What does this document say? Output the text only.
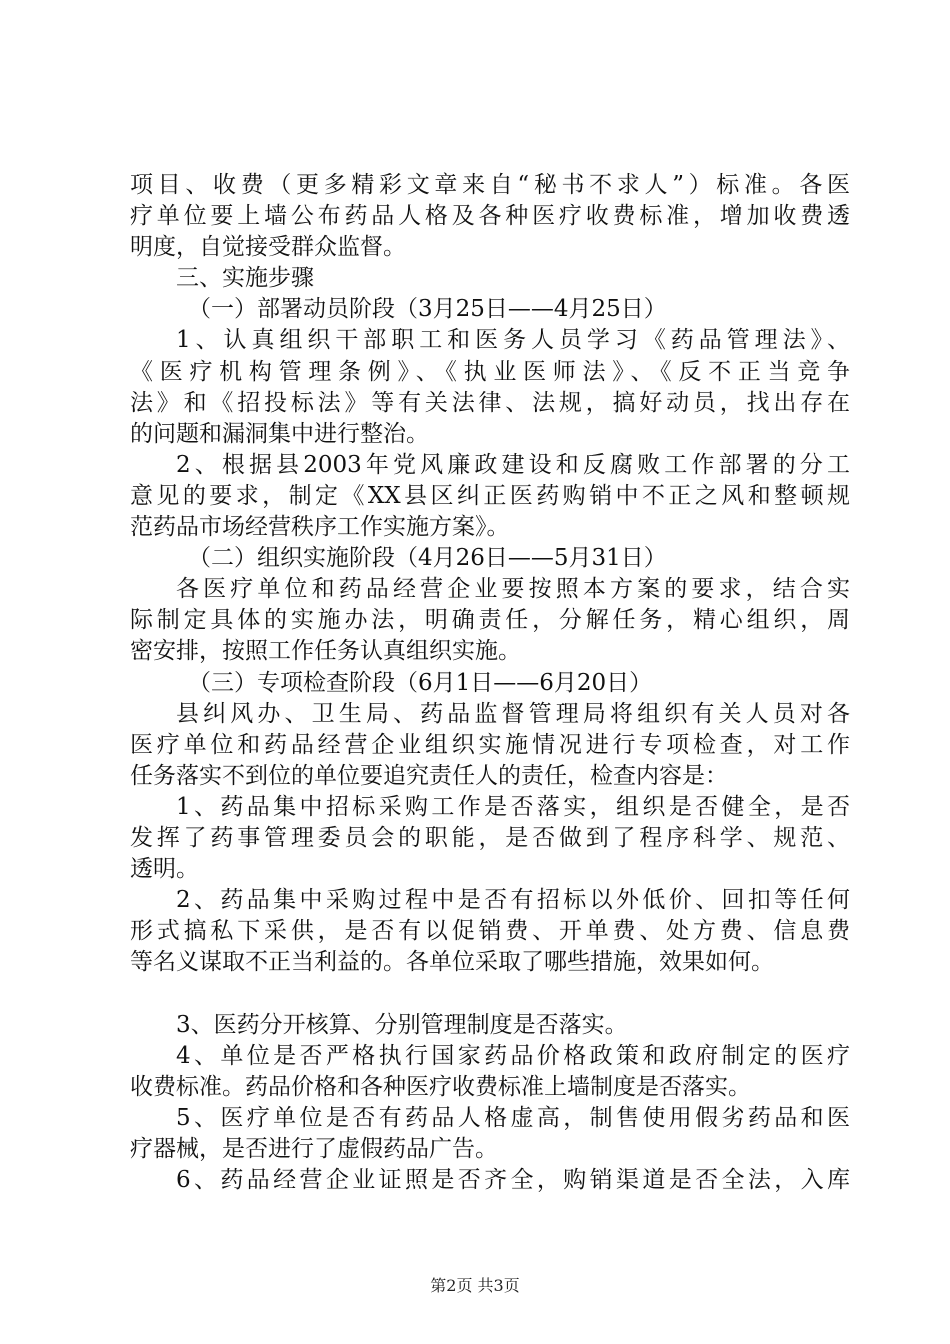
项目、收费（更多精彩文章来自“秘书不求人”）标准。各医
疗单位要上墙公布药品人格及各种医疗收费标准，增加收费透
明度，自觉接受群众监督。
三、实施步骤
（一）部署动员阶段（3月25日——4月25日）
1、认真组织干部职工和医务人员学习《药品管理法》、
《医疗机构管理条例》、《执业医师法》、《反不正当竞争
法》和《招投标法》等有关法律、法规，搞好动员，找出存在
的问题和漏洞集中进行整治。
2、根据县2003年党风廉政建设和反腐败工作部署的分工
意见的要求，制定《XX县区纠正医药购销中不正之风和整顿规
范药品市场经营秩序工作实施方案》。
（二）组织实施阶段（4月26日——5月31日）
各医疗单位和药品经营企业要按照本方案的要求，结合实
际制定具体的实施办法，明确责任，分解任务，精心组织，周
密安排，按照工作任务认真组织实施。
（三）专项检查阶段（6月1日——6月20日）
县纠风办、卫生局、药品监督管理局将组织有关人员对各
医疗单位和药品经营企业组织实施情况进行专项检查，对工作
任务落实不到位的单位要追究责任人的责任，检查内容是：
1、药品集中招标采购工作是否落实，组织是否健全，是否
发挥了药事管理委员会的职能，是否做到了程序科学、规范、
透明。
2、药品集中采购过程中是否有招标以外低价、回扣等任何
形式搞私下采供，是否有以促销费、开单费、处方费、信息费
等名义谋取不正当利益的。各单位采取了哪些措施，效果如何。
3、医药分开核算、分别管理制度是否落实。
4、单位是否严格执行国家药品价格政策和政府制定的医疗
收费标准。药品价格和各种医疗收费标准上墙制度是否落实。
5、医疗单位是否有药品人格虚高，制售使用假劣药品和医
疗器械，是否进行了虚假药品广告。
6、药品经营企业证照是否齐全，购销渠道是否全法，入库
第2页 共3页
